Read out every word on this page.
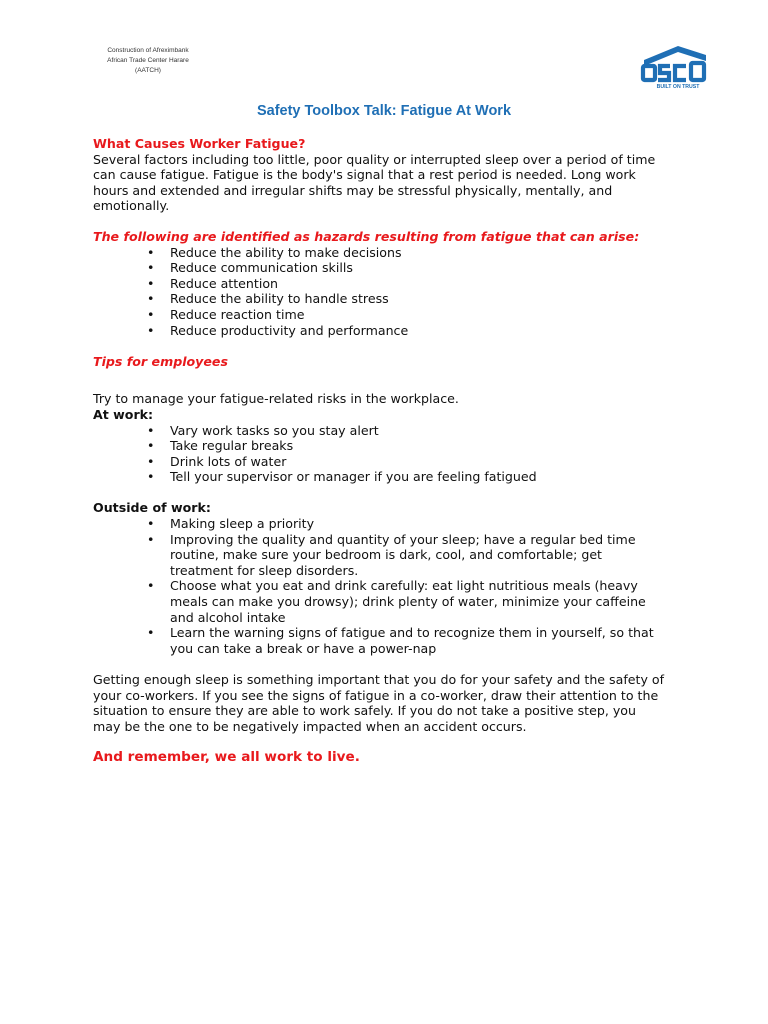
Construction of Afreximbank
African Trade Center Harare
(AATCH)
BUILT ON TRUST
Safety Toolbox Talk: Fatigue At Work

What Causes Worker Fatigue?

Several factors including too little, poor quality or interrupted sleep over a period of time

can cause fatigue. Fatigue is the body's signal that a rest period is needed. Long work

hours and extended and irregular shifts may be stressful physically, mentally, and

emotionally.

The following are identified as hazards resulting from fatigue that can arise:

• Reduce the ability to make decisions
• Reduce communication skills
• Reduce attention
• Reduce the ability to handle stress
• Reduce reaction time
• Reduce productivity and performance

Tips for employees

Try to manage your fatigue-related risks in the workplace.

At work:

• Vary work tasks so you stay alert
• Take regular breaks
• Drink lots of water
• Tell your supervisor or manager if you are feeling fatigued

Outside of work:

• Making sleep a priority
• Improving the quality and quantity of your sleep; have a regular bed time
routine, make sure your bedroom is dark, cool, and comfortable; get
treatment for sleep disorders.
• Choose what you eat and drink carefully: eat light nutritious meals (heavy
meals can make you drowsy); drink plenty of water, minimize your caffeine
and alcohol intake
• Learn the warning signs of fatigue and to recognize them in yourself, so that
you can take a break or have a power-nap

Getting enough sleep is something important that you do for your safety and the safety of

your co-workers. If you see the signs of fatigue in a co-worker, draw their attention to the

situation to ensure they are able to work safely. If you do not take a positive step, you

may be the one to be negatively impacted when an accident occurs.

And remember, we all work to live.
